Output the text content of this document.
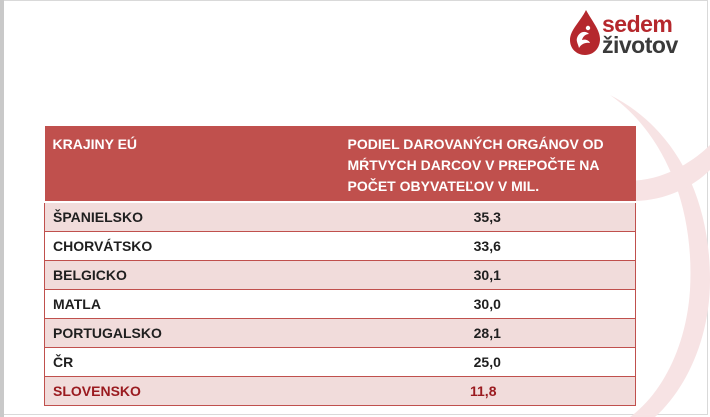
sedem
životov
KRAJINY EÚ	PODIEL DAROVANÝCH ORGÁNOV OD MŔTVYCH DARCOV V PREPOČTE NA POČET OBYVATEĽOV V MIL.
ŠPANIELSKO	35,3
CHORVÁTSKO	33,6
BELGICKO	30,1
MATLA	30,0
PORTUGALSKO	28,1
ČR	25,0
SLOVENSKO	11,8
